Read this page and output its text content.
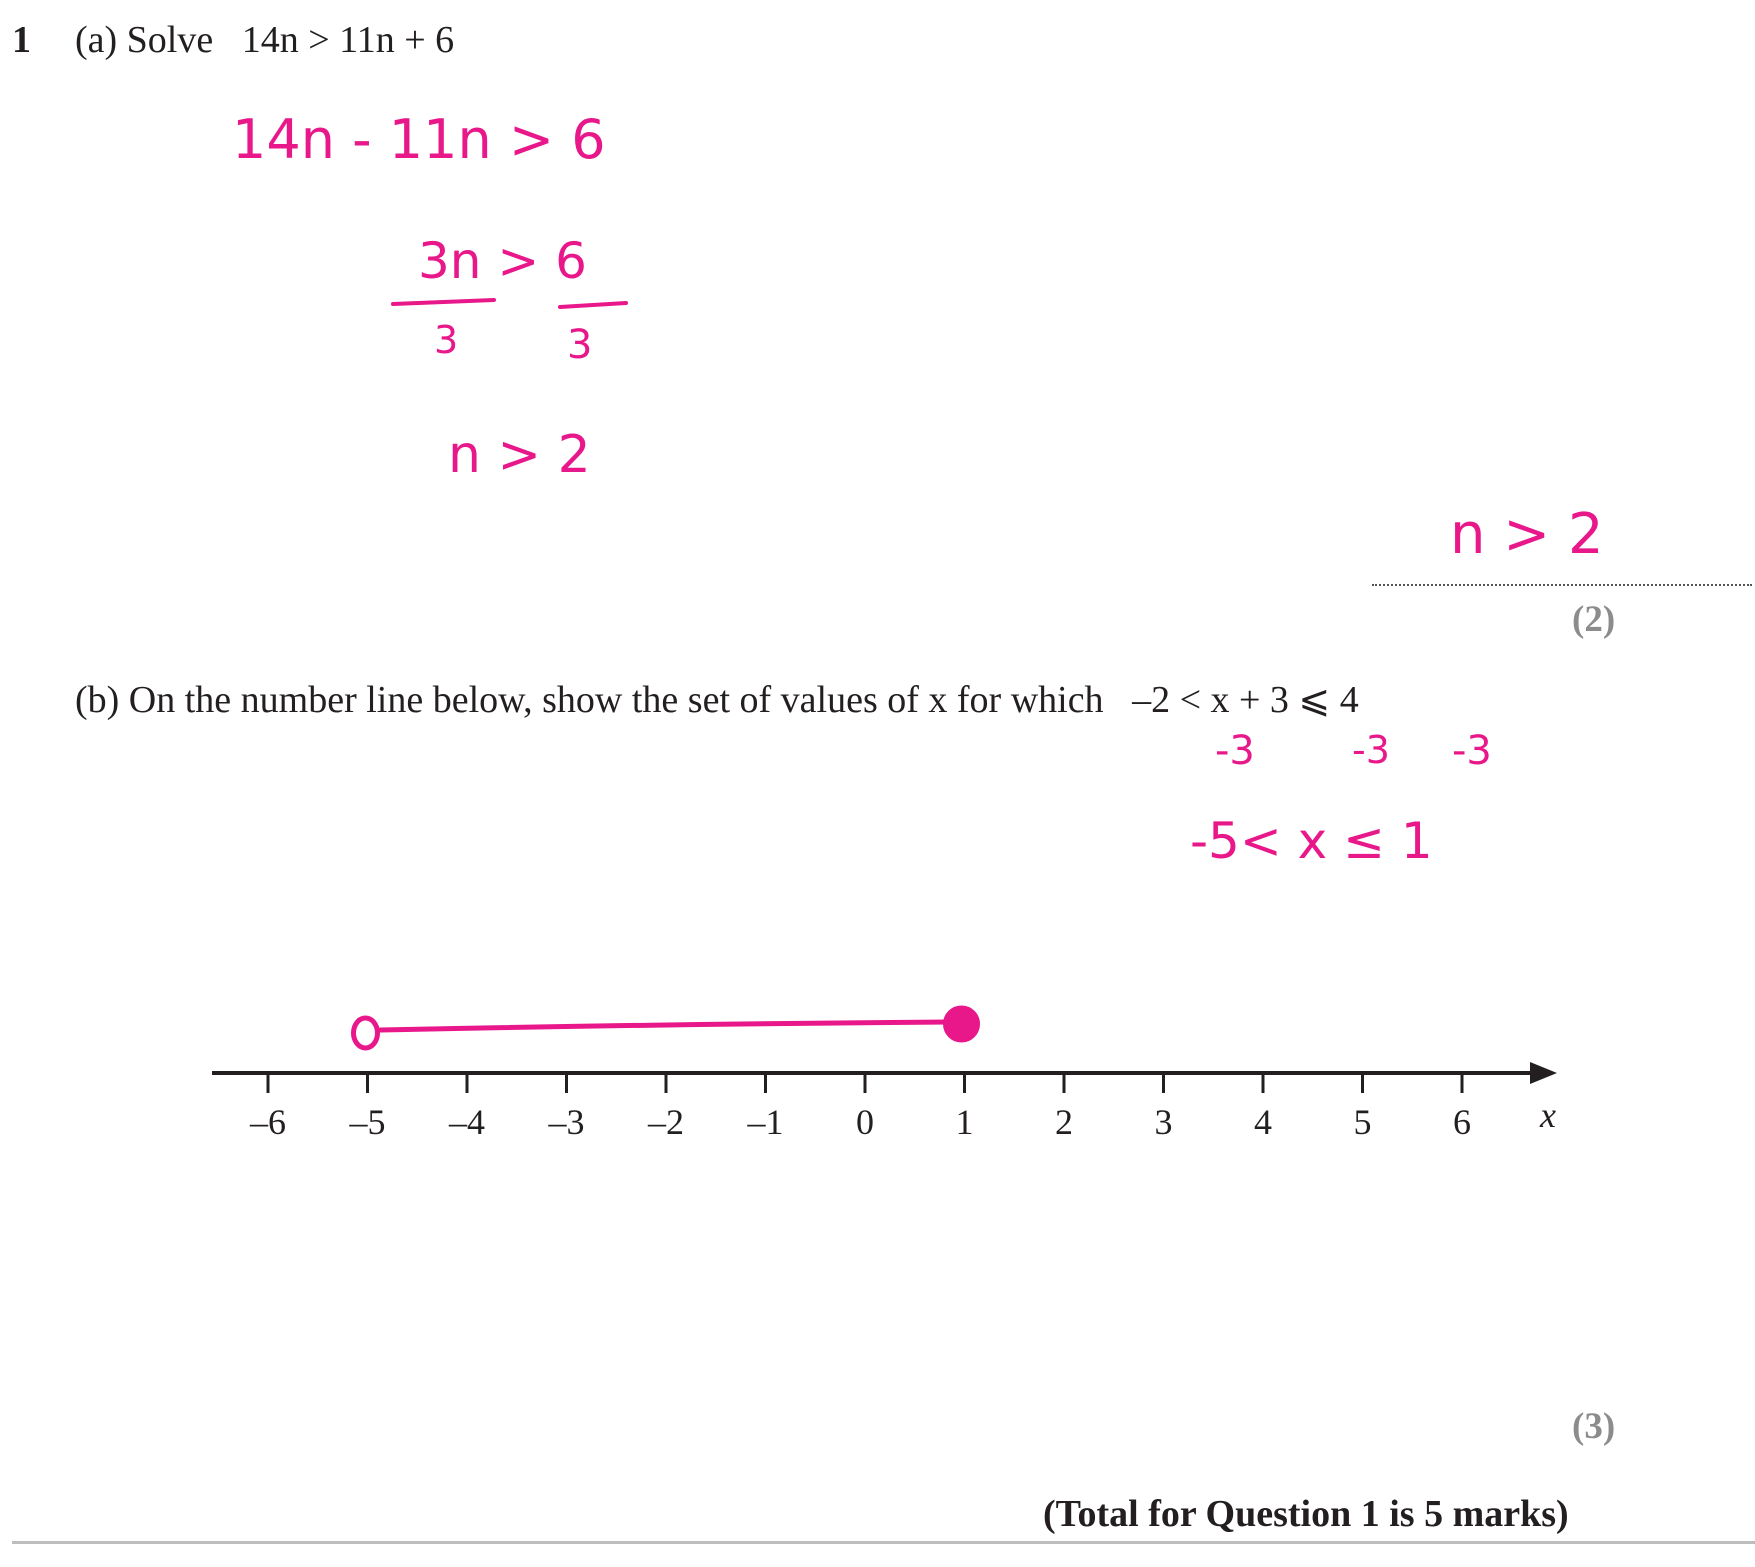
1 (a) Solve 14n > 11n + 6
14n - 11n > 6
3n > 6
3	3
n > 2
n > 2
(2)
(b) On the number line below, show the set of values of x for which –2 < x + 3 ⩽ 4
-3	-3 -3
-5< x ≤ 1
–6 –5 –4 –3 –2 –1 0 1 2 3 4 5 6 x
(3)
(Total for Question 1 is 5 marks)
